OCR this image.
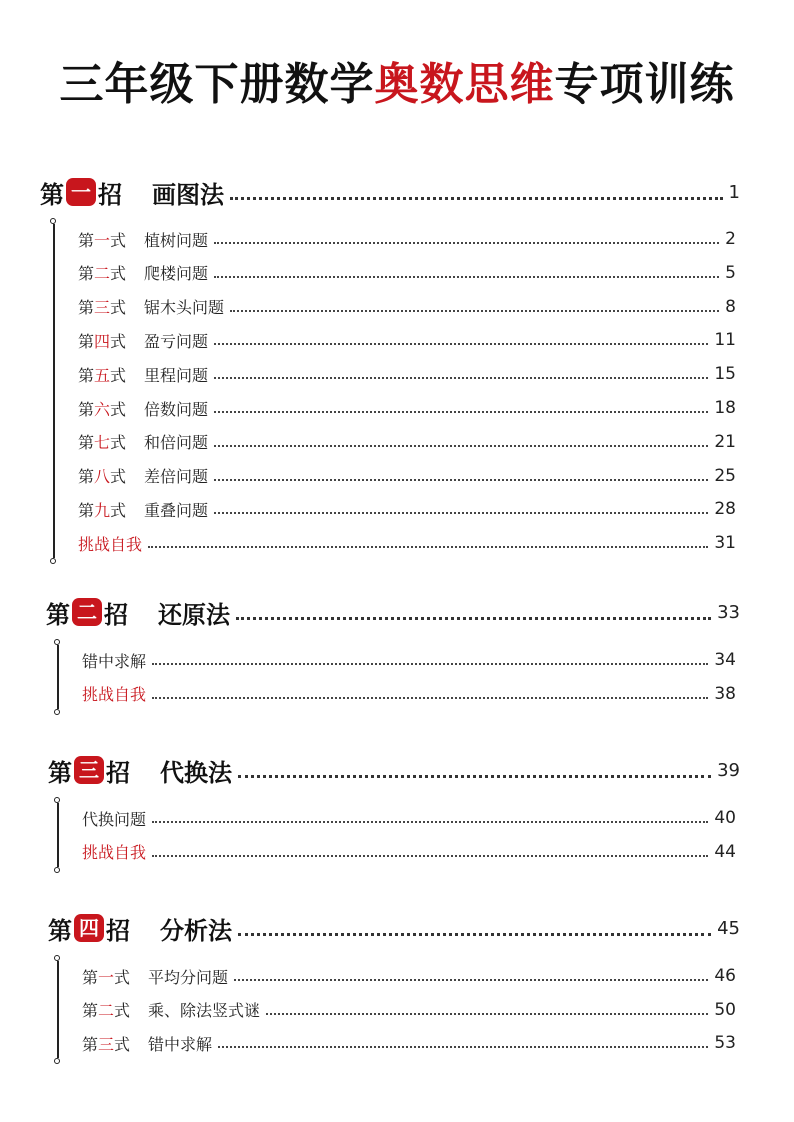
三年级下册数学奥数思维专项训练
第 一 招 画图法	1
第一式 植树问题	2
第二式 爬楼问题	5
第三式 锯木头问题	8
第四式 盈亏问题	11
第五式 里程问题	15
第六式 倍数问题	18
第七式 和倍问题	21
第八式 差倍问题	25
第九式 重叠问题	28
挑战自我	31
第 二 招 还原法	33
错中求解	34
挑战自我	38
第 三 招 代换法	39
代换问题	40
挑战自我	44
第 四 招 分析法	45
第一式 平均分问题	46
第二式 乘、除法竖式谜	50
第三式 错中求解	53
